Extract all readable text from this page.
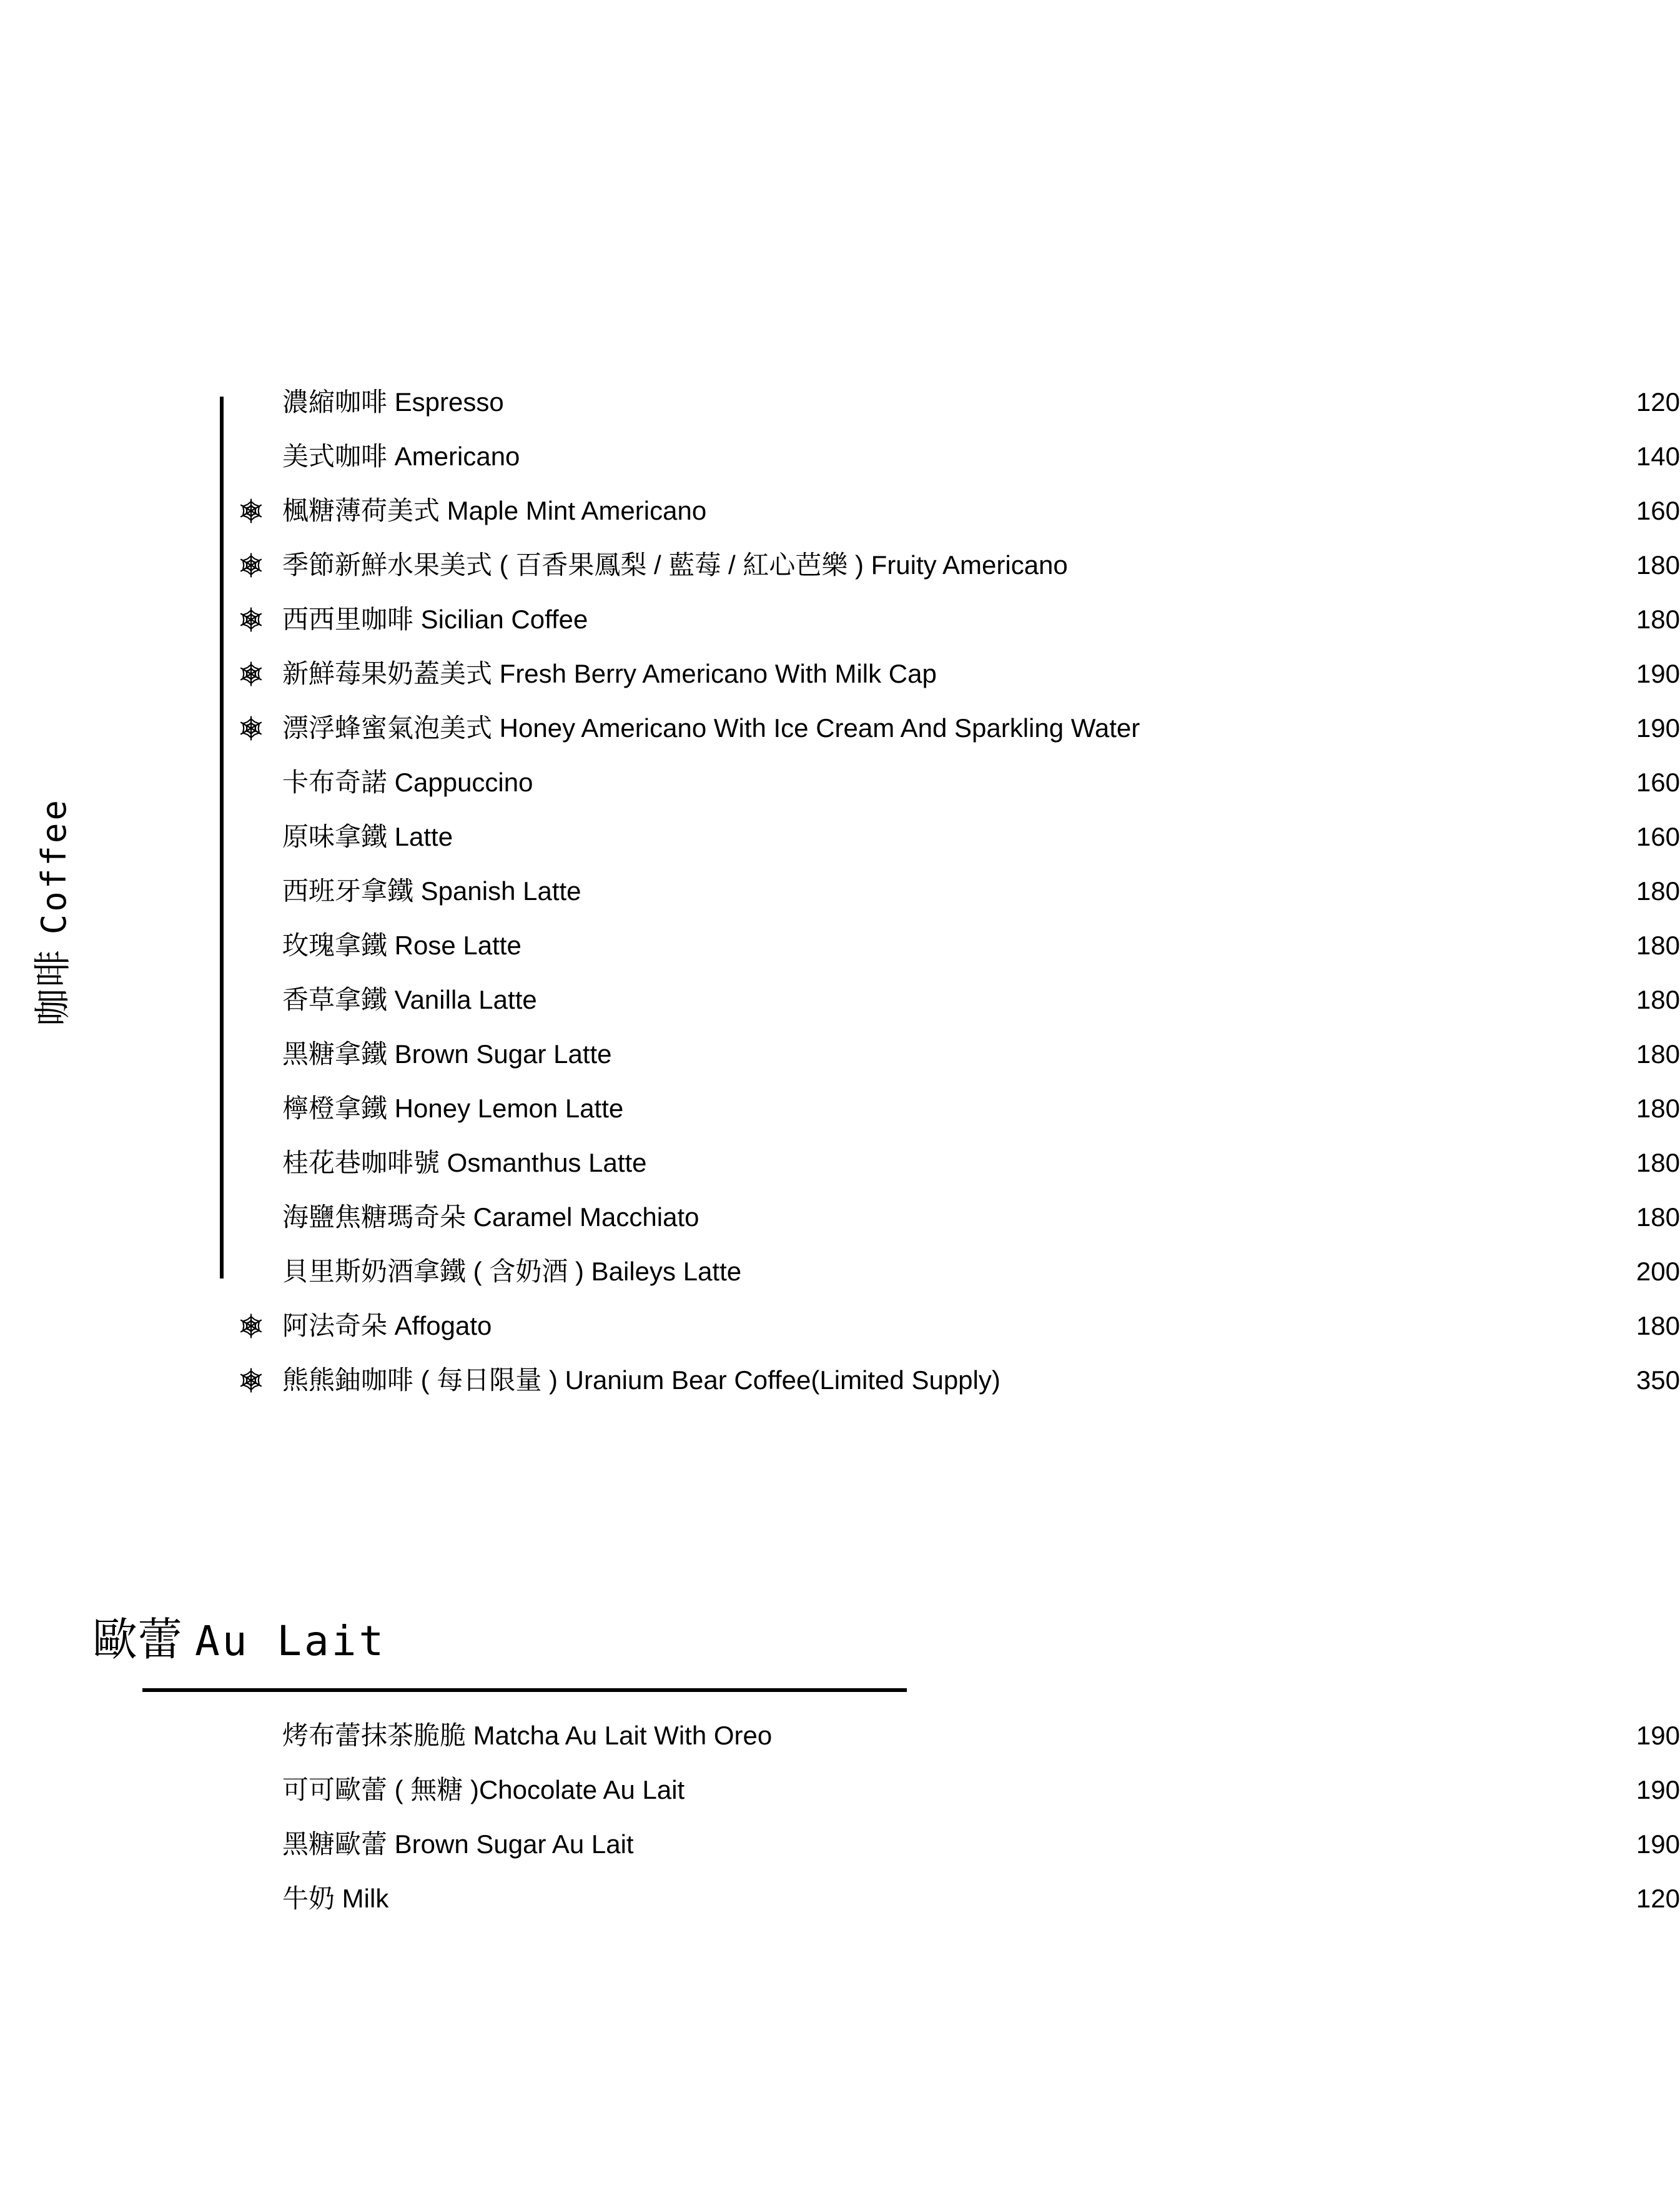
咖啡 Coffee
濃縮咖啡 Espresso	120
美式咖啡 Americano	140
楓糖薄荷美式 Maple Mint Americano	160
季節新鮮水果美式 ( 百香果鳳梨 / 藍莓 / 紅心芭樂 ) Fruity Americano	180
西西里咖啡 Sicilian Coffee	180
新鮮莓果奶蓋美式 Fresh Berry Americano With Milk Cap	190
漂浮蜂蜜氣泡美式 Honey Americano With Ice Cream And Sparkling Water	190
卡布奇諾 Cappuccino	160
原味拿鐵 Latte	160
西班牙拿鐵 Spanish Latte	180
玫瑰拿鐵 Rose Latte	180
香草拿鐵 Vanilla Latte	180
黑糖拿鐵 Brown Sugar Latte	180
檸橙拿鐵 Honey Lemon Latte	180
桂花巷咖啡號 Osmanthus Latte	180
海鹽焦糖瑪奇朵 Caramel Macchiato	180
貝里斯奶酒拿鐵 ( 含奶酒 ) Baileys Latte	200
阿法奇朵 Affogato	180
熊熊鈾咖啡 ( 每日限量 ) Uranium Bear Coffee(Limited Supply)	350
歐蕾 Au Lait
烤布蕾抹茶脆脆 Matcha Au Lait With Oreo	190
可可歐蕾 ( 無糖 )Chocolate Au Lait	190
黑糖歐蕾 Brown Sugar Au Lait	190
牛奶 Milk	120
